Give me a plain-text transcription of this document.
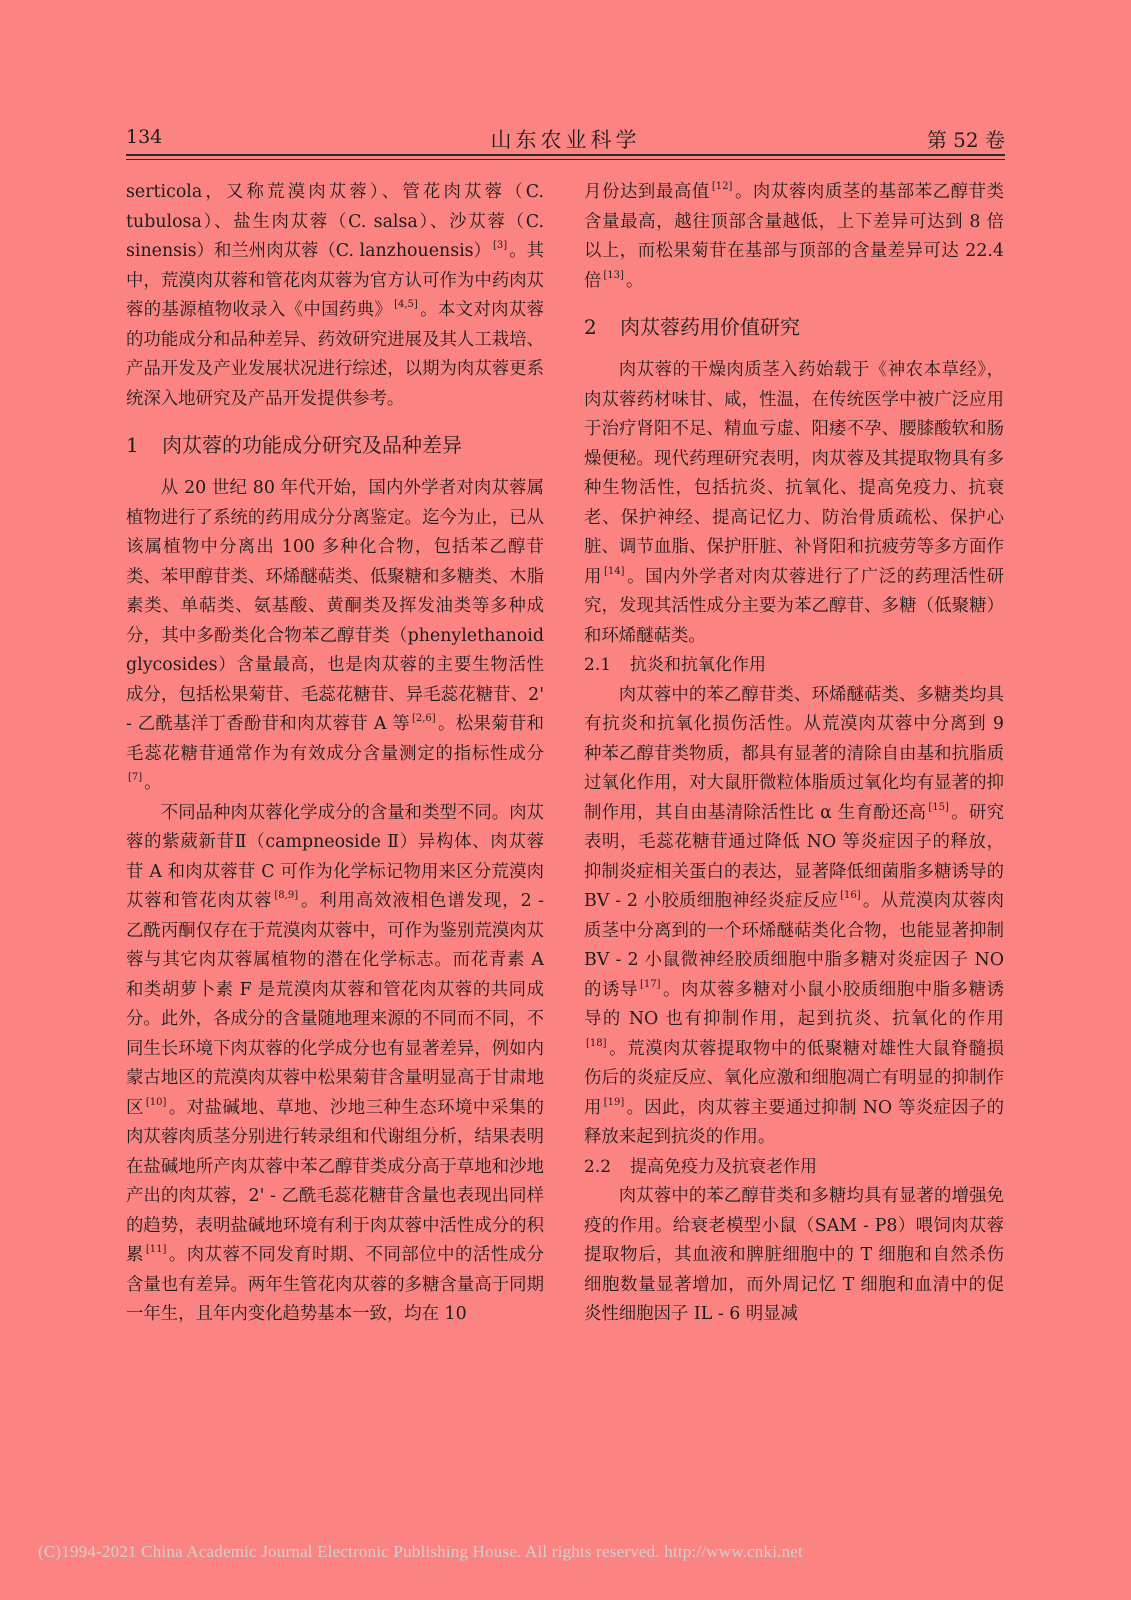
134	山东农业科学	第 52 卷

serticola，又称荒漠肉苁蓉）、管花肉苁蓉（C. tubulosa）、盐生肉苁蓉（C. salsa）、沙苁蓉（C. sinensis）和兰州肉苁蓉（C. lanzhouensis） [3] 。其中，荒漠肉苁蓉和管花肉苁蓉为官方认可作为中药肉苁蓉的基源植物收录入《中国药典》 [4,5] 。本文对肉苁蓉的功能成分和品种差异、药效研究进展及其人工栽培、产品开发及产业发展状况进行综述，以期为肉苁蓉更系统深入地研究及产品开发提供参考。

1 肉苁蓉的功能成分研究及品种差异

从 20 世纪 80 年代开始，国内外学者对肉苁蓉属植物进行了系统的药用成分分离鉴定。迄今为止，已从该属植物中分离出 100 多种化合物，包括苯乙醇苷类、苯甲醇苷类、环烯醚萜类、低聚糖和多糖类、木脂素类、单萜类、氨基酸、黄酮类及挥发油类等多种成分，其中多酚类化合物苯乙醇苷类（phenylethanoid glycosides）含量最高，也是肉苁蓉的主要生物活性成分，包括松果菊苷、毛蕊花糖苷、异毛蕊花糖苷、2' - 乙酰基洋丁香酚苷和肉苁蓉苷 A 等 [2,6] 。松果菊苷和毛蕊花糖苷通常作为有效成分含量测定的指标性成分[7] 。

不同品种肉苁蓉化学成分的含量和类型不同。肉苁蓉的紫葳新苷Ⅱ（campneoside Ⅱ）异构体、肉苁蓉苷 A 和肉苁蓉苷 C 可作为化学标记物用来区分荒漠肉苁蓉和管花肉苁蓉 [8,9] 。利用高效液相色谱发现，2 - 乙酰丙酮仅存在于荒漠肉苁蓉中，可作为鉴别荒漠肉苁蓉与其它肉苁蓉属植物的潜在化学标志。而花青素 A 和类胡萝卜素 F 是荒漠肉苁蓉和管花肉苁蓉的共同成分。此外，各成分的含量随地理来源的不同而不同，不同生长环境下肉苁蓉的化学成分也有显著差异，例如内蒙古地区的荒漠肉苁蓉中松果菊苷含量明显高于甘肃地区 [10] 。对盐碱地、草地、沙地三种生态环境中采集的肉苁蓉肉质茎分别进行转录组和代谢组分析，结果表明在盐碱地所产肉苁蓉中苯乙醇苷类成分高于草地和沙地产出的肉苁蓉，2' - 乙酰毛蕊花糖苷含量也表现出同样的趋势，表明盐碱地环境有利于肉苁蓉中活性成分的积累 [11] 。肉苁蓉不同发育时期、不同部位中的活性成分含量也有差异。两年生管花肉苁蓉的多糖含量高于同期一年生，且年内变化趋势基本一致，均在 10

月份达到最高值 [12] 。肉苁蓉肉质茎的基部苯乙醇苷类含量最高，越往顶部含量越低，上下差异可达到 8 倍以上，而松果菊苷在基部与顶部的含量差异可达 22.4 倍 [13] 。

2 肉苁蓉药用价值研究

肉苁蓉的干燥肉质茎入药始载于《神农本草经》，肉苁蓉药材味甘、咸，性温，在传统医学中被广泛应用于治疗肾阳不足、精血亏虚、阳痿不孕、腰膝酸软和肠燥便秘。现代药理研究表明，肉苁蓉及其提取物具有多种生物活性，包括抗炎、抗氧化、提高免疫力、抗衰老、保护神经、提高记忆力、防治骨质疏松、保护心脏、调节血脂、保护肝脏、补肾阳和抗疲劳等多方面作用 [14] 。国内外学者对肉苁蓉进行了广泛的药理活性研究，发现其活性成分主要为苯乙醇苷、多糖（低聚糖）和环烯醚萜类。

2.1 抗炎和抗氧化作用

肉苁蓉中的苯乙醇苷类、环烯醚萜类、多糖类均具有抗炎和抗氧化损伤活性。从荒漠肉苁蓉中分离到 9 种苯乙醇苷类物质，都具有显著的清除自由基和抗脂质过氧化作用，对大鼠肝微粒体脂质过氧化均有显著的抑制作用，其自由基清除活性比 α 生育酚还高 [15] 。研究表明，毛蕊花糖苷通过降低 NO 等炎症因子的释放，抑制炎症相关蛋白的表达，显著降低细菌脂多糖诱导的 BV - 2 小胶质细胞神经炎症反应 [16] 。从荒漠肉苁蓉肉质茎中分离到的一个环烯醚萜类化合物，也能显著抑制 BV - 2 小鼠微神经胶质细胞中脂多糖对炎症因子 NO 的诱导 [17] 。肉苁蓉多糖对小鼠小胶质细胞中脂多糖诱导的 NO 也有抑制作用，起到抗炎、抗氧化的作用[18] 。荒漠肉苁蓉提取物中的低聚糖对雄性大鼠脊髓损伤后的炎症反应、氧化应激和细胞凋亡有明显的抑制作用 [19] 。因此，肉苁蓉主要通过抑制 NO 等炎症因子的释放来起到抗炎的作用。

2.2 提高免疫力及抗衰老作用

肉苁蓉中的苯乙醇苷类和多糖均具有显著的增强免疫的作用。给衰老模型小鼠（SAM - P8）喂饲肉苁蓉提取物后，其血液和脾脏细胞中的 T 细胞和自然杀伤细胞数量显著增加，而外周记忆 T 细胞和血清中的促炎性细胞因子 IL - 6 明显减

(C)1994-2021 China Academic Journal Electronic Publishing House. All rights reserved. http://www.cnki.net
